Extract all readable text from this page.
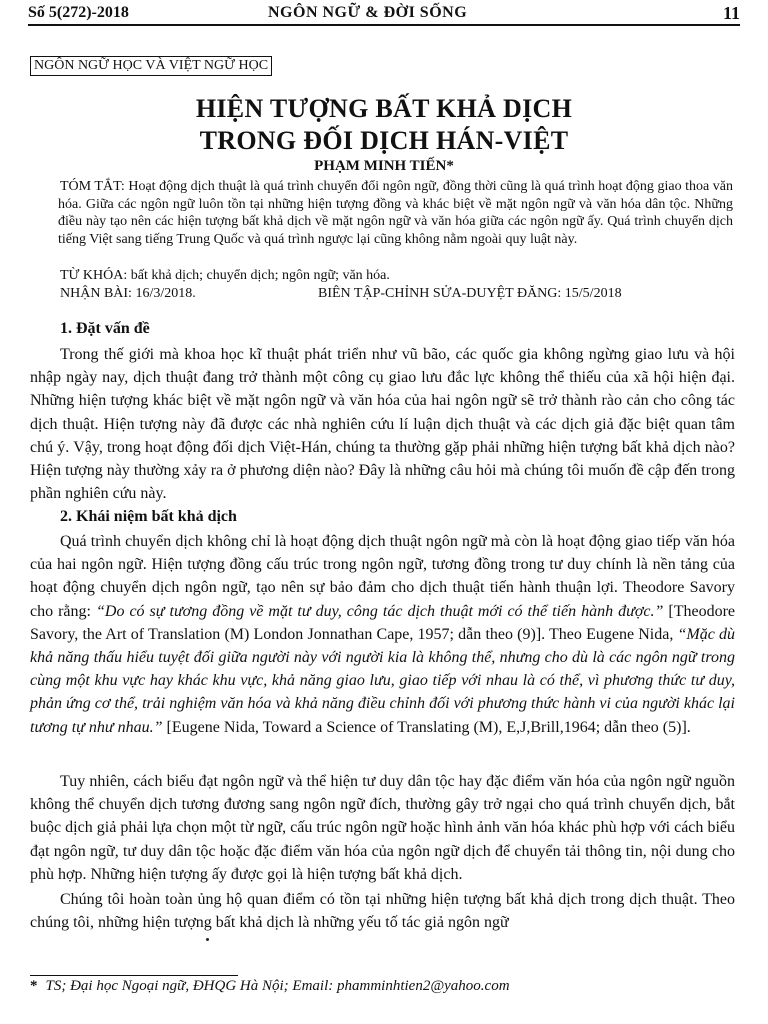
Số 5(272)-2018	NGÔN NGỮ & ĐỜI SỐNG	11
NGÔN NGỮ HỌC VÀ VIỆT NGỮ HỌC
HIỆN TƯỢNG BẤT KHẢ DỊCH
TRONG ĐỐI DỊCH HÁN-VIỆT
PHẠM MINH TIẾN*

TÓM TẮT: Hoạt động dịch thuật là quá trình chuyển đổi ngôn ngữ, đồng thời cũng là quá trình hoạt động giao thoa văn hóa. Giữa các ngôn ngữ luôn tồn tại những hiện tượng đồng và khác biệt về mặt ngôn ngữ và văn hóa dân tộc. Những điều này tạo nên các hiện tượng bất khả dịch về mặt ngôn ngữ và văn hóa giữa các ngôn ngữ ấy. Quá trình chuyển dịch tiếng Việt sang tiếng Trung Quốc và quá trình ngược lại cũng không nằm ngoài quy luật này.

TỪ KHÓA: bất khả dịch; chuyển dịch; ngôn ngữ; văn hóa.
NHẬN BÀI: 16/3/2018.	BIÊN TẬP-CHỈNH SỬA-DUYỆT ĐĂNG: 15/5/2018
1. Đặt vấn đề

Trong thế giới mà khoa học kĩ thuật phát triển như vũ bão, các quốc gia không ngừng giao lưu và hội nhập ngày nay, dịch thuật đang trở thành một công cụ giao lưu đắc lực không thể thiếu của xã hội hiện đại. Những hiện tượng khác biệt về mặt ngôn ngữ và văn hóa của hai ngôn ngữ sẽ trở thành rào cản cho công tác dịch thuật. Hiện tượng này đã được các nhà nghiên cứu lí luận dịch thuật và các dịch giả đặc biệt quan tâm chú ý. Vậy, trong hoạt động đối dịch Việt-Hán, chúng ta thường gặp phải những hiện tượng bất khả dịch nào? Hiện tượng này thường xảy ra ở phương diện nào? Đây là những câu hỏi mà chúng tôi muốn đề cập đến trong phần nghiên cứu này.

2. Khái niệm bất khả dịch

Quá trình chuyển dịch không chỉ là hoạt động dịch thuật ngôn ngữ mà còn là hoạt động giao tiếp văn hóa của hai ngôn ngữ. Hiện tượng đồng cấu trúc trong ngôn ngữ, tương đồng trong tư duy chính là nền tảng của hoạt động chuyển dịch ngôn ngữ, tạo nên sự bảo đảm cho dịch thuật tiến hành thuận lợi. Theodore Savory cho rằng: “Do có sự tương đồng về mặt tư duy, công tác dịch thuật mới có thể tiến hành được.” [Theodore Savory, the Art of Translation (M) London Jonnathan Cape, 1957; dẫn theo (9)]. Theo Eugene Nida, “Mặc dù khả năng thấu hiểu tuyệt đối giữa người này với người kia là không thể, nhưng cho dù là các ngôn ngữ trong cùng một khu vực hay khác khu vực, khả năng giao lưu, giao tiếp với nhau là có thể, vì phương thức tư duy, phản ứng cơ thể, trải nghiệm văn hóa và khả năng điều chỉnh đối với phương thức hành vi của người khác lại tương tự như nhau.” [Eugene Nida, Toward a Science of Translating (M), E,J,Brill,1964; dẫn theo (5)].

Tuy nhiên, cách biểu đạt ngôn ngữ và thể hiện tư duy dân tộc hay đặc điểm văn hóa của ngôn ngữ nguồn không thể chuyển dịch tương đương sang ngôn ngữ đích, thường gây trở ngại cho quá trình chuyển dịch, bắt buộc dịch giả phải lựa chọn một từ ngữ, cấu trúc ngôn ngữ hoặc hình ảnh văn hóa khác phù hợp với cách biểu đạt ngôn ngữ, tư duy dân tộc hoặc đặc điểm văn hóa của ngôn ngữ dịch để chuyển tải thông tin, nội dung cho phù hợp. Những hiện tượng ấy được gọi là hiện tượng bất khả dịch.

Chúng tôi hoàn toàn ủng hộ quan điểm có tồn tại những hiện tượng bất khả dịch trong dịch thuật. Theo chúng tôi, những hiện tượng bất khả dịch là những yếu tố tác giả ngôn ngữ

* TS; Đại học Ngoại ngữ, ĐHQG Hà Nội; Email: phamminhtien2@yahoo.com
